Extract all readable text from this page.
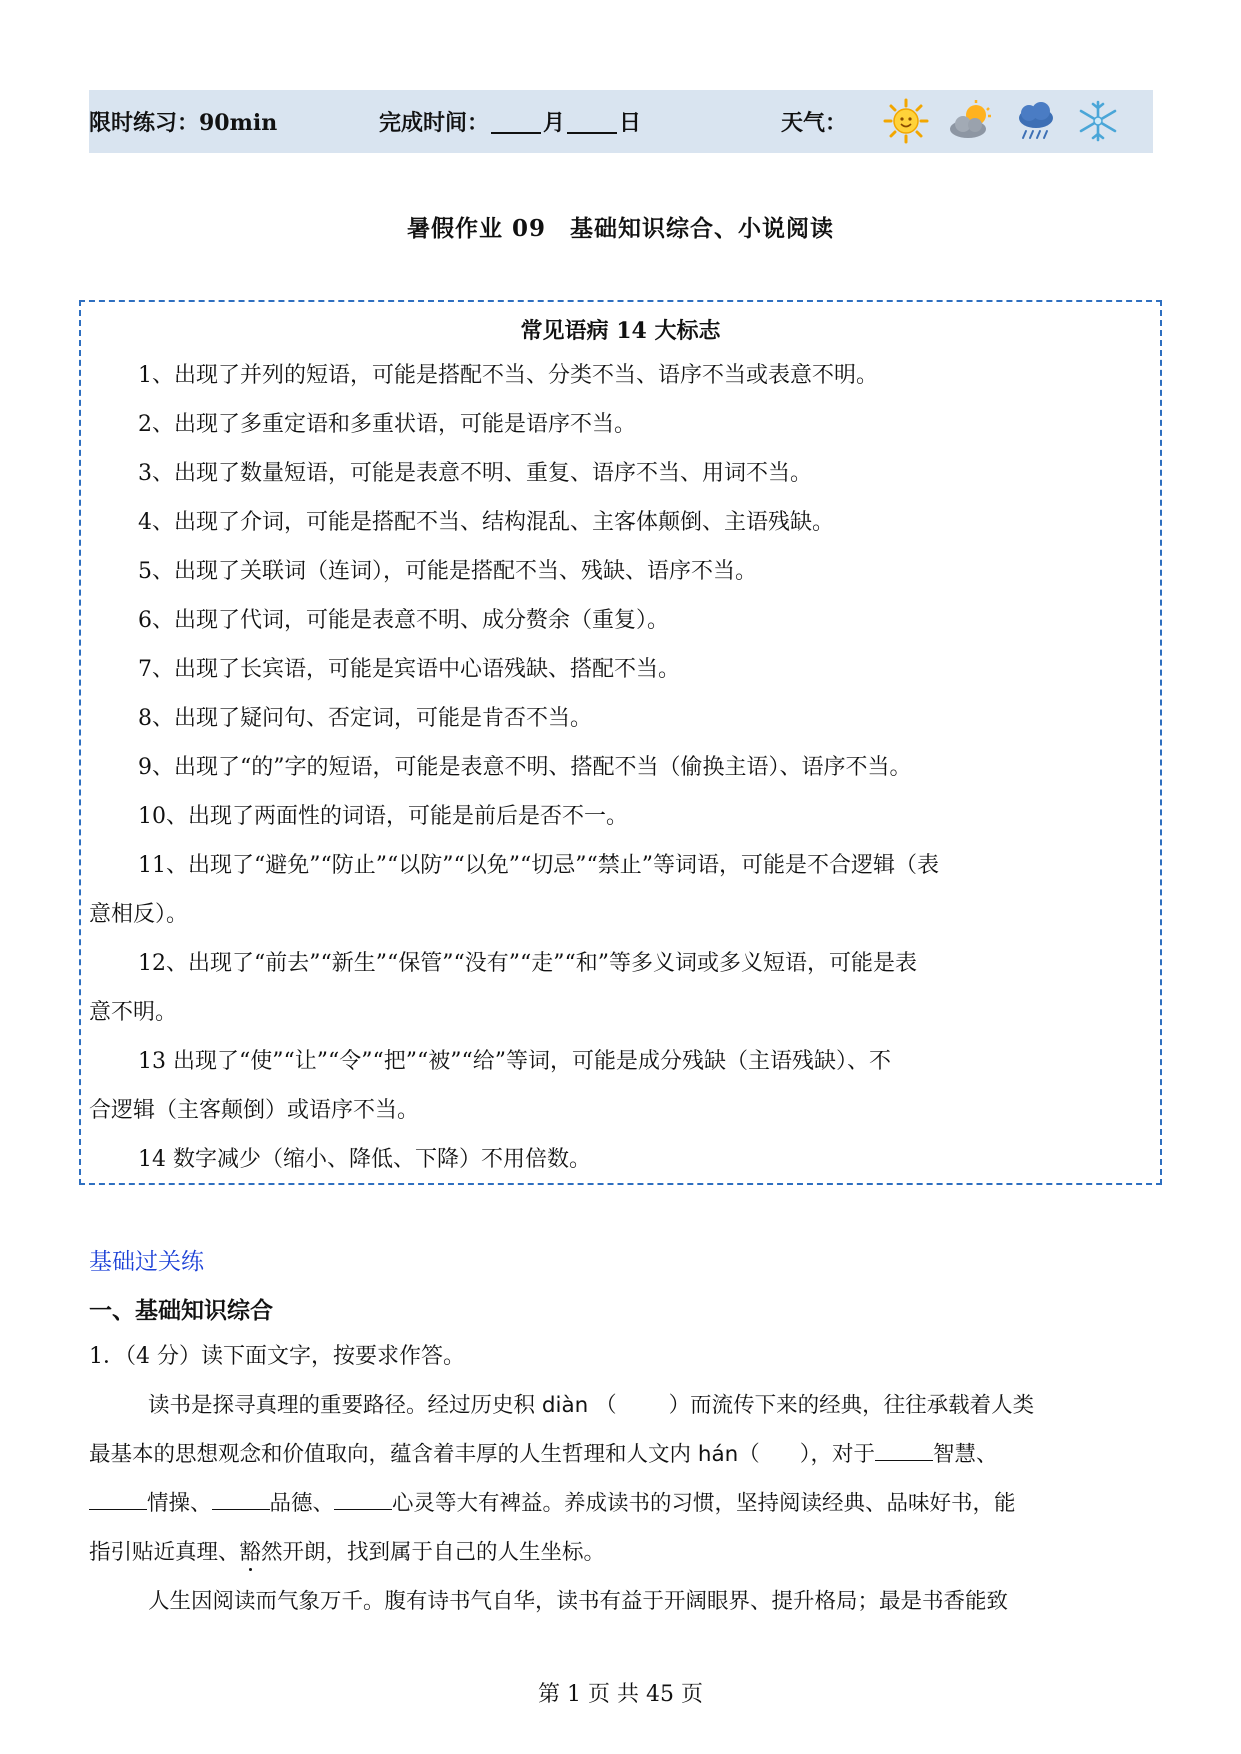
限时练习：90min	完成时间： 月 日	天气：
暑假作业 09　基础知识综合、小说阅读
常见语病 14 大标志
1、出现了并列的短语，可能是搭配不当、分类不当、语序不当或表意不明。
2、出现了多重定语和多重状语，可能是语序不当。
3、出现了数量短语，可能是表意不明、重复、语序不当、用词不当。
4、出现了介词，可能是搭配不当、结构混乱、主客体颠倒、主语残缺。
5、出现了关联词（连词），可能是搭配不当、残缺、语序不当。
6、出现了代词，可能是表意不明、成分赘余（重复）。
7、出现了长宾语，可能是宾语中心语残缺、搭配不当。
8、出现了疑问句、否定词，可能是肯否不当。
9、出现了“的”字的短语，可能是表意不明、搭配不当（偷换主语）、语序不当。
10、出现了两面性的词语，可能是前后是否不一。
11、出现了“避免”“防止”“以防”“以免”“切忌”“禁止”等词语，可能是不合逻辑（表
意相反）。
12、出现了“前去”“新生”“保管”“没有”“走”“和”等多义词或多义短语，可能是表
意不明。
13 出现了“使”“让”“令”“把”“被”“给”等词，可能是成分残缺（主语残缺）、不
合逻辑（主客颠倒）或语序不当。
14 数字减少（缩小、降低、下降）不用倍数。
基础过关练
一、基础知识综合
1．（4 分）读下面文字，按要求作答。
读书是探寻真理的重要路径。经过历史积 diàn （ ）而流传下来的经典，往往承载着人类
最基本的思想观念和价值取向，蕴含着丰厚的人生哲理和人文内 hán（ ），对于	智慧、
情操、	品德、	心灵等大有裨益。养成读书的习惯，坚持阅读经典、品味好书，能
指引贴近真理、豁然开朗，找到属于自己的人生坐标。
人生因阅读而气象万千。腹有诗书气自华，读书有益于开阔眼界、提升格局；最是书香能致
第 1 页 共 45 页
